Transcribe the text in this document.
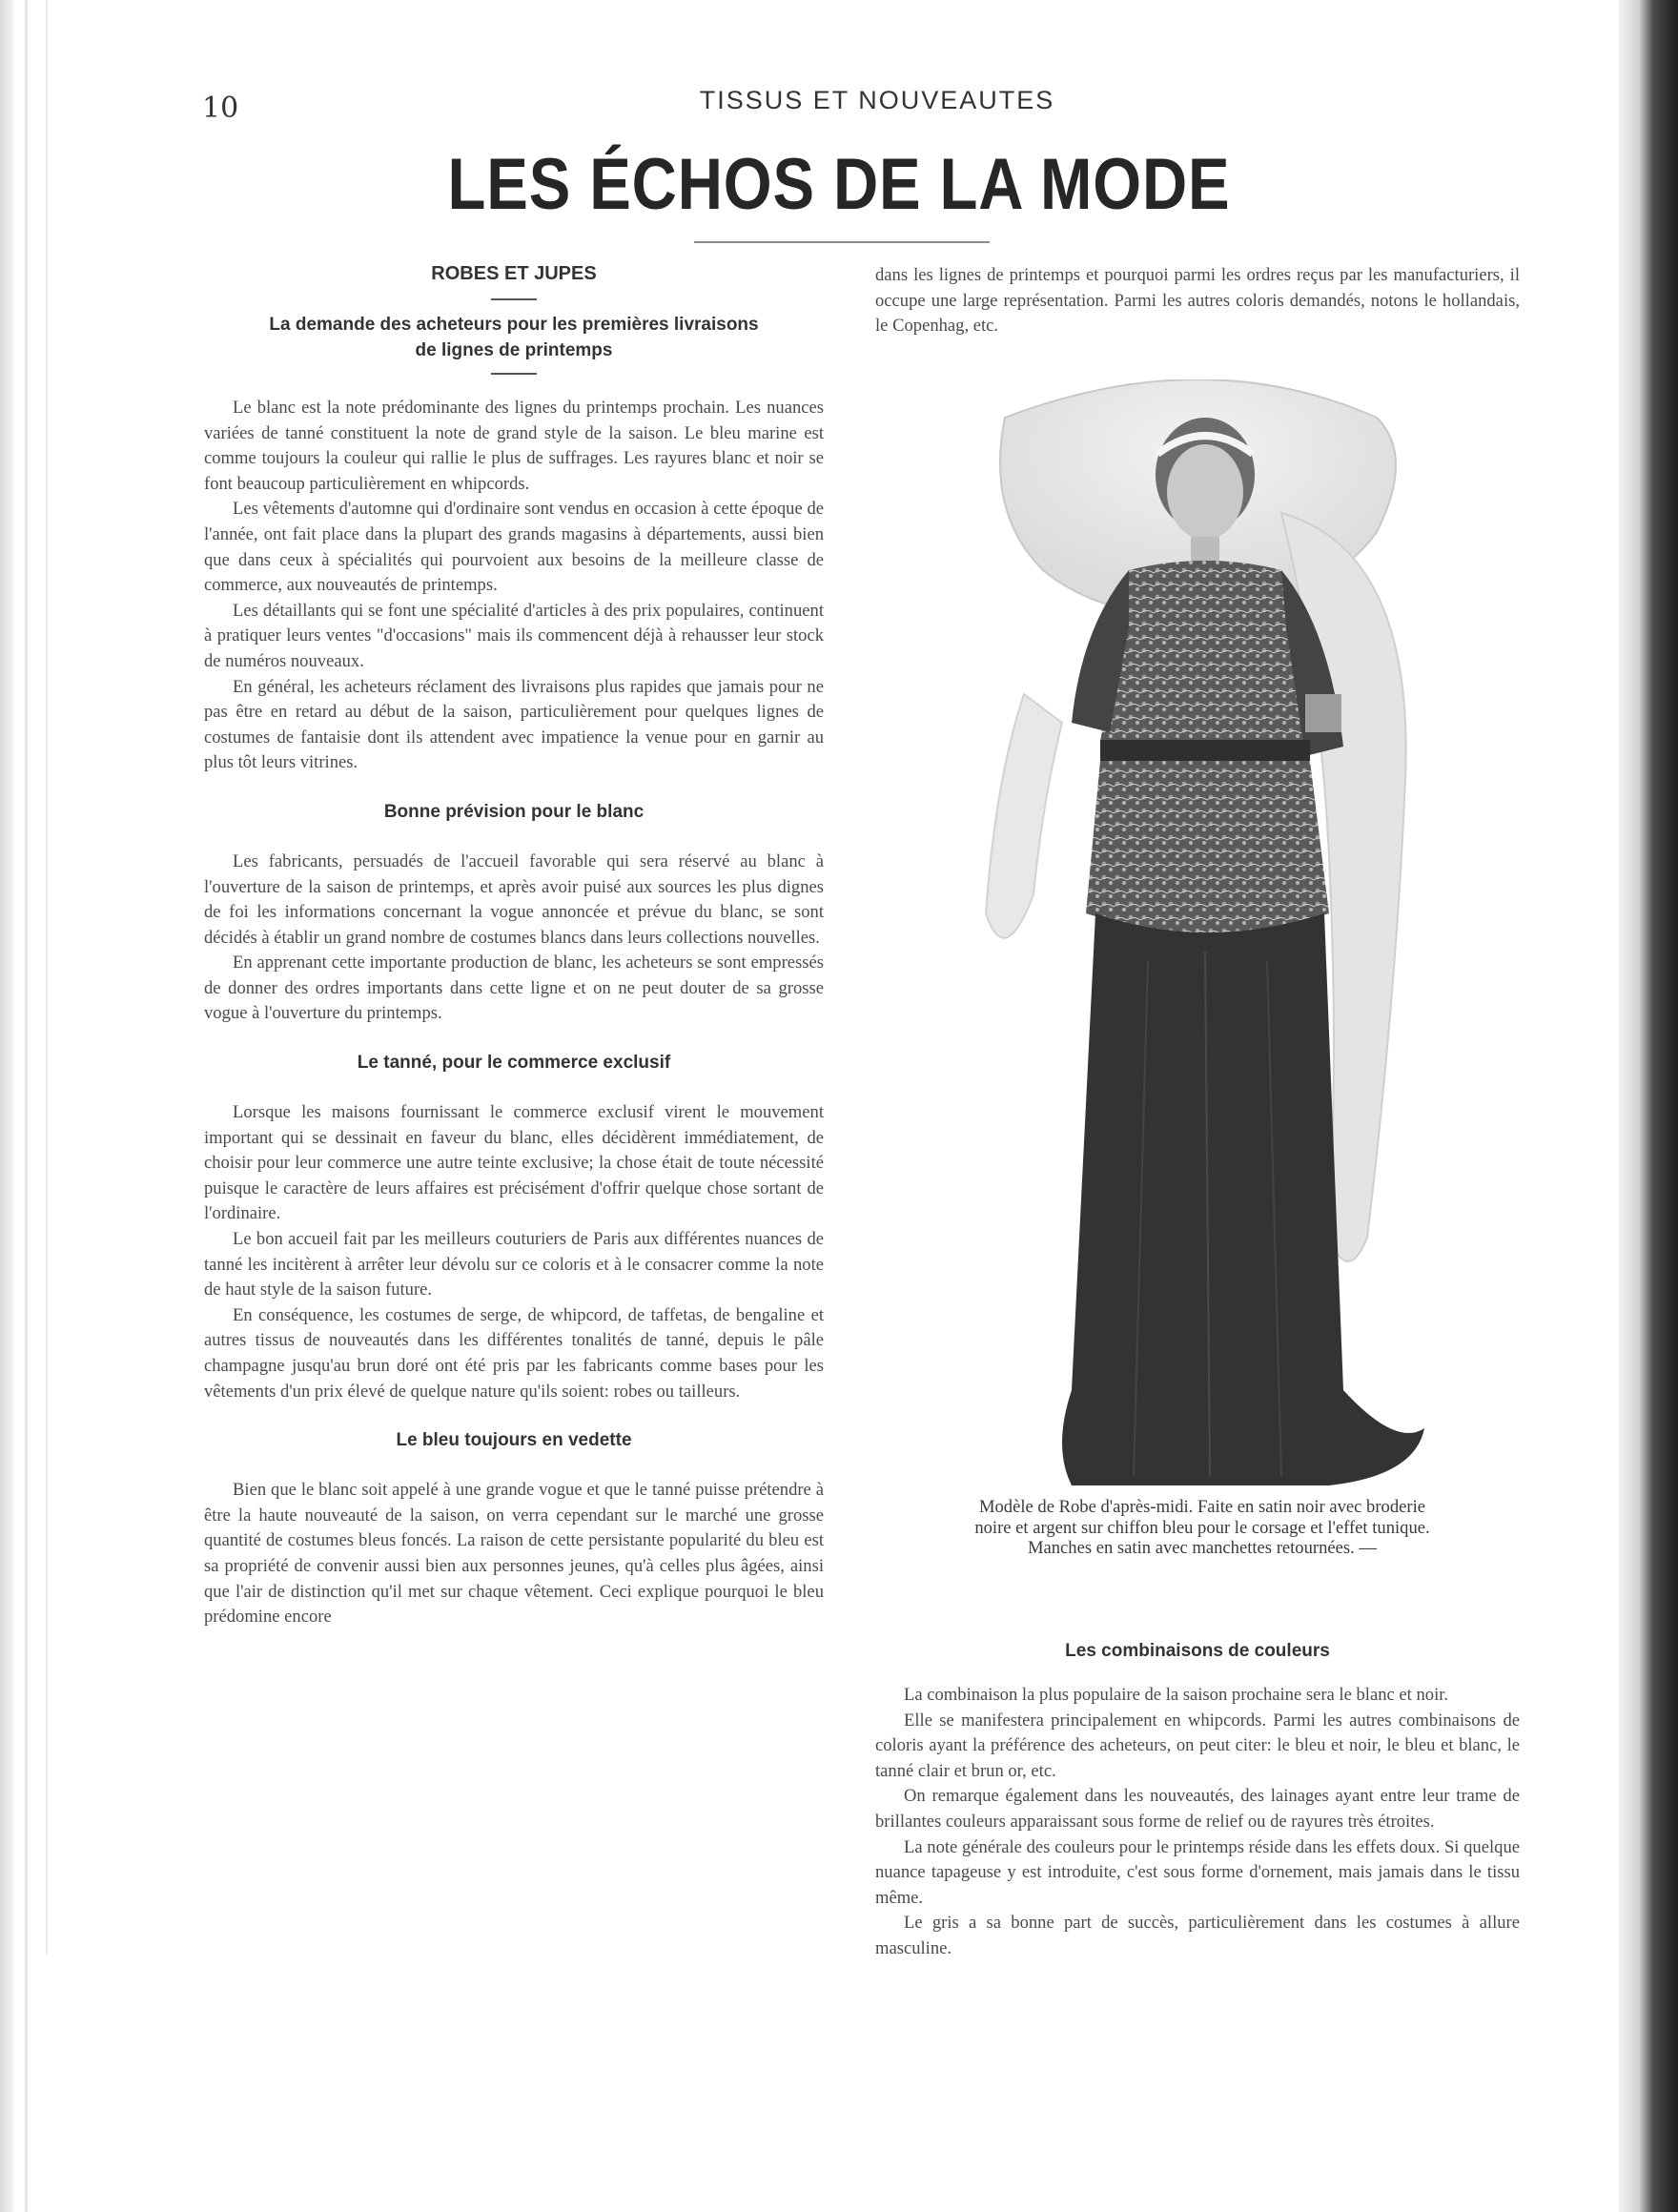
10	TISSUS ET NOUVEAUTES
LES ÉCHOS DE LA MODE
ROBES ET JUPES
La demande des acheteurs pour les premières livraisons
de lignes de printemps

Le blanc est la note prédominante des lignes du printemps prochain. Les nuances variées de tanné constituent la note de grand style de la saison. Le bleu marine est comme toujours la couleur qui rallie le plus de suffrages. Les rayures blanc et noir se font beaucoup particulièrement en whipcords.

Les vêtements d'automne qui d'ordinaire sont vendus en occasion à cette époque de l'année, ont fait place dans la plupart des grands magasins à départements, aussi bien que dans ceux à spécialités qui pourvoient aux besoins de la meilleure classe de commerce, aux nouveautés de printemps.

Les détaillants qui se font une spécialité d'articles à des prix populaires, continuent à pratiquer leurs ventes "d'occasions" mais ils commencent déjà à rehausser leur stock de numéros nouveaux.

En général, les acheteurs réclament des livraisons plus rapides que jamais pour ne pas être en retard au début de la saison, particulièrement pour quelques lignes de costumes de fantaisie dont ils attendent avec impatience la venue pour en garnir au plus tôt leurs vitrines.

Bonne prévision pour le blanc

Les fabricants, persuadés de l'accueil favorable qui sera réservé au blanc à l'ouverture de la saison de printemps, et après avoir puisé aux sources les plus dignes de foi les informations concernant la vogue annoncée et prévue du blanc, se sont décidés à établir un grand nombre de costumes blancs dans leurs collections nouvelles.

En apprenant cette importante production de blanc, les acheteurs se sont empressés de donner des ordres importants dans cette ligne et on ne peut douter de sa grosse vogue à l'ouverture du printemps.

Le tanné, pour le commerce exclusif

Lorsque les maisons fournissant le commerce exclusif virent le mouvement important qui se dessinait en faveur du blanc, elles décidèrent immédiatement, de choisir pour leur commerce une autre teinte exclusive; la chose était de toute nécessité puisque le caractère de leurs affaires est précisément d'offrir quelque chose sortant de l'ordinaire.

Le bon accueil fait par les meilleurs couturiers de Paris aux différentes nuances de tanné les incitèrent à arrêter leur dévolu sur ce coloris et à le consacrer comme la note de haut style de la saison future.

En conséquence, les costumes de serge, de whipcord, de taffetas, de bengaline et autres tissus de nouveautés dans les différentes tonalités de tanné, depuis le pâle champagne jusqu'au brun doré ont été pris par les fabricants comme bases pour les vêtements d'un prix élevé de quelque nature qu'ils soient: robes ou tailleurs.

Le bleu toujours en vedette

Bien que le blanc soit appelé à une grande vogue et que le tanné puisse prétendre à être la haute nouveauté de la saison, on verra cependant sur le marché une grosse quantité de costumes bleus foncés. La raison de cette persistante popularité du bleu est sa propriété de convenir aussi bien aux personnes jeunes, qu'à celles plus âgées, ainsi que l'air de distinction qu'il met sur chaque vêtement. Ceci explique pourquoi le bleu prédomine encore

dans les lignes de printemps et pourquoi parmi les ordres reçus par les manufacturiers, il occupe une large représentation. Parmi les autres coloris demandés, notons le hollandais, le Copenhag, etc.

Modèle de Robe d'après-midi. Faite en satin noir avec broderie noire et argent sur chiffon bleu pour le corsage et l'effet tunique. Manches en satin avec manchettes retournées. —
Les combinaisons de couleurs

La combinaison la plus populaire de la saison prochaine sera le blanc et noir.

Elle se manifestera principalement en whipcords. Parmi les autres combinaisons de coloris ayant la préférence des acheteurs, on peut citer: le bleu et noir, le bleu et blanc, le tanné clair et brun or, etc.

On remarque également dans les nouveautés, des lainages ayant entre leur trame de brillantes couleurs apparaissant sous forme de relief ou de rayures très étroites.

La note générale des couleurs pour le printemps réside dans les effets doux. Si quelque nuance tapageuse y est introduite, c'est sous forme d'ornement, mais jamais dans le tissu même.

Le gris a sa bonne part de succès, particulièrement dans les costumes à allure masculine.
